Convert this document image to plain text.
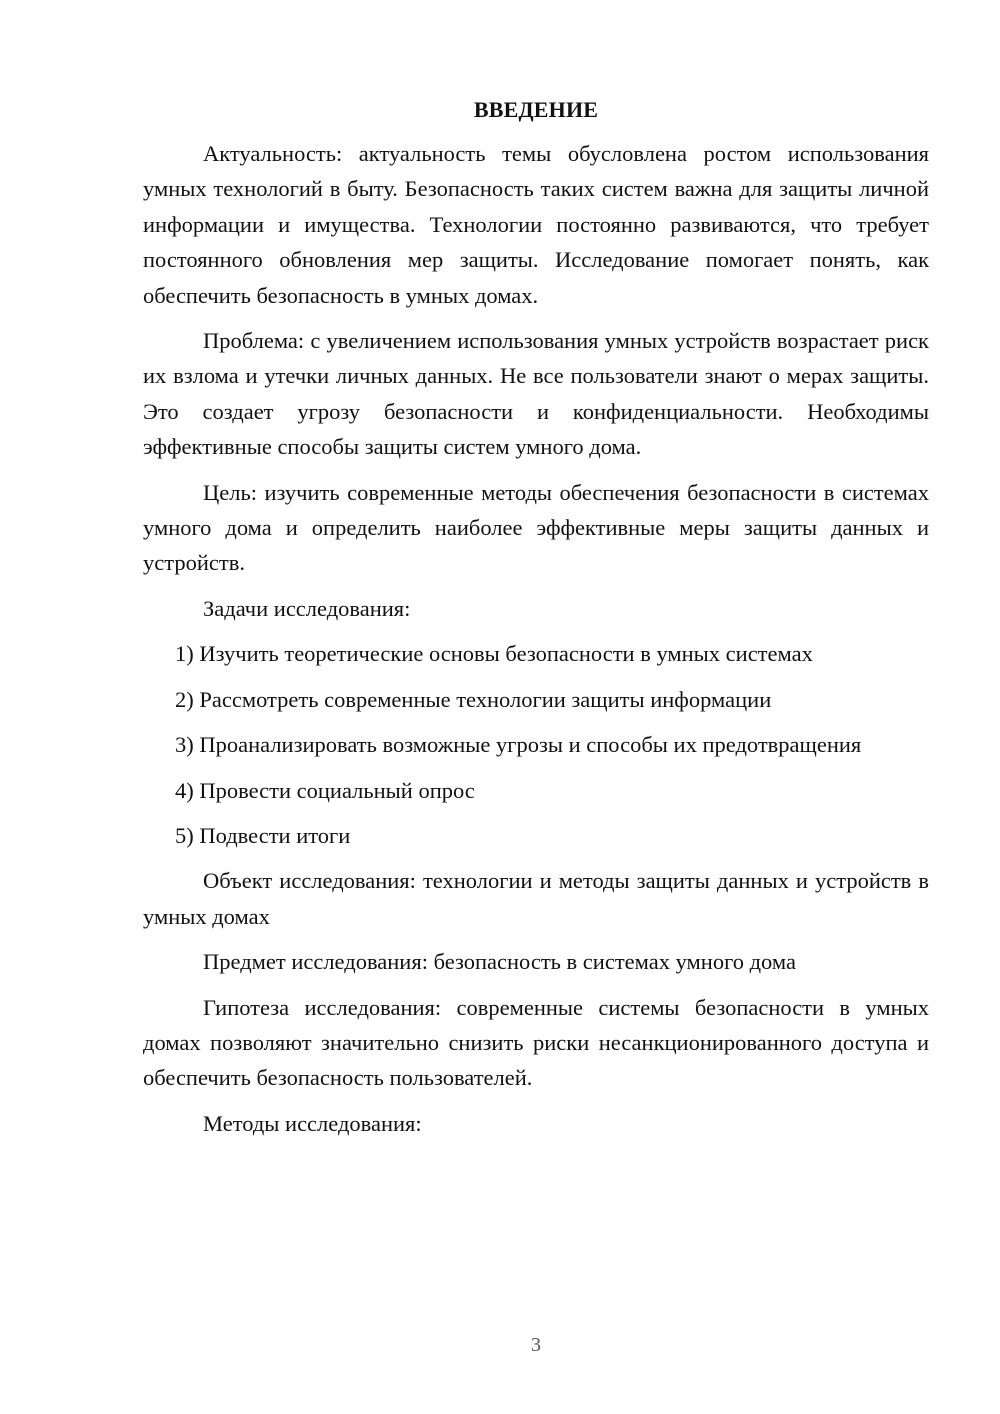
ВВЕДЕНИЕ

Актуальность: актуальность темы обусловлена ростом использования умных технологий в быту. Безопасность таких систем важна для защиты личной информации и имущества. Технологии постоянно развиваются, что требует постоянного обновления мер защиты. Исследование помогает понять, как обеспечить безопасность в умных домах.

Проблема: с увеличением использования умных устройств возрастает риск их взлома и утечки личных данных. Не все пользователи знают о мерах защиты. Это создает угрозу безопасности и конфиденциальности. Необходимы эффективные способы защиты систем умного дома.

Цель: изучить современные методы обеспечения безопасности в системах умного дома и определить наиболее эффективные меры защиты данных и устройств.

Задачи исследования:

1) Изучить теоретические основы безопасности в умных системах

2) Рассмотреть современные технологии защиты информации

3) Проанализировать возможные угрозы и способы их предотвращения

4) Провести социальный опрос

5) Подвести итоги

Объект исследования: технологии и методы защиты данных и устройств в умных домах

Предмет исследования: безопасность в системах умного дома

Гипотеза исследования: современные системы безопасности в умных домах позволяют значительно снизить риски несанкционированного доступа и обеспечить безопасность пользователей.

Методы исследования:

3
